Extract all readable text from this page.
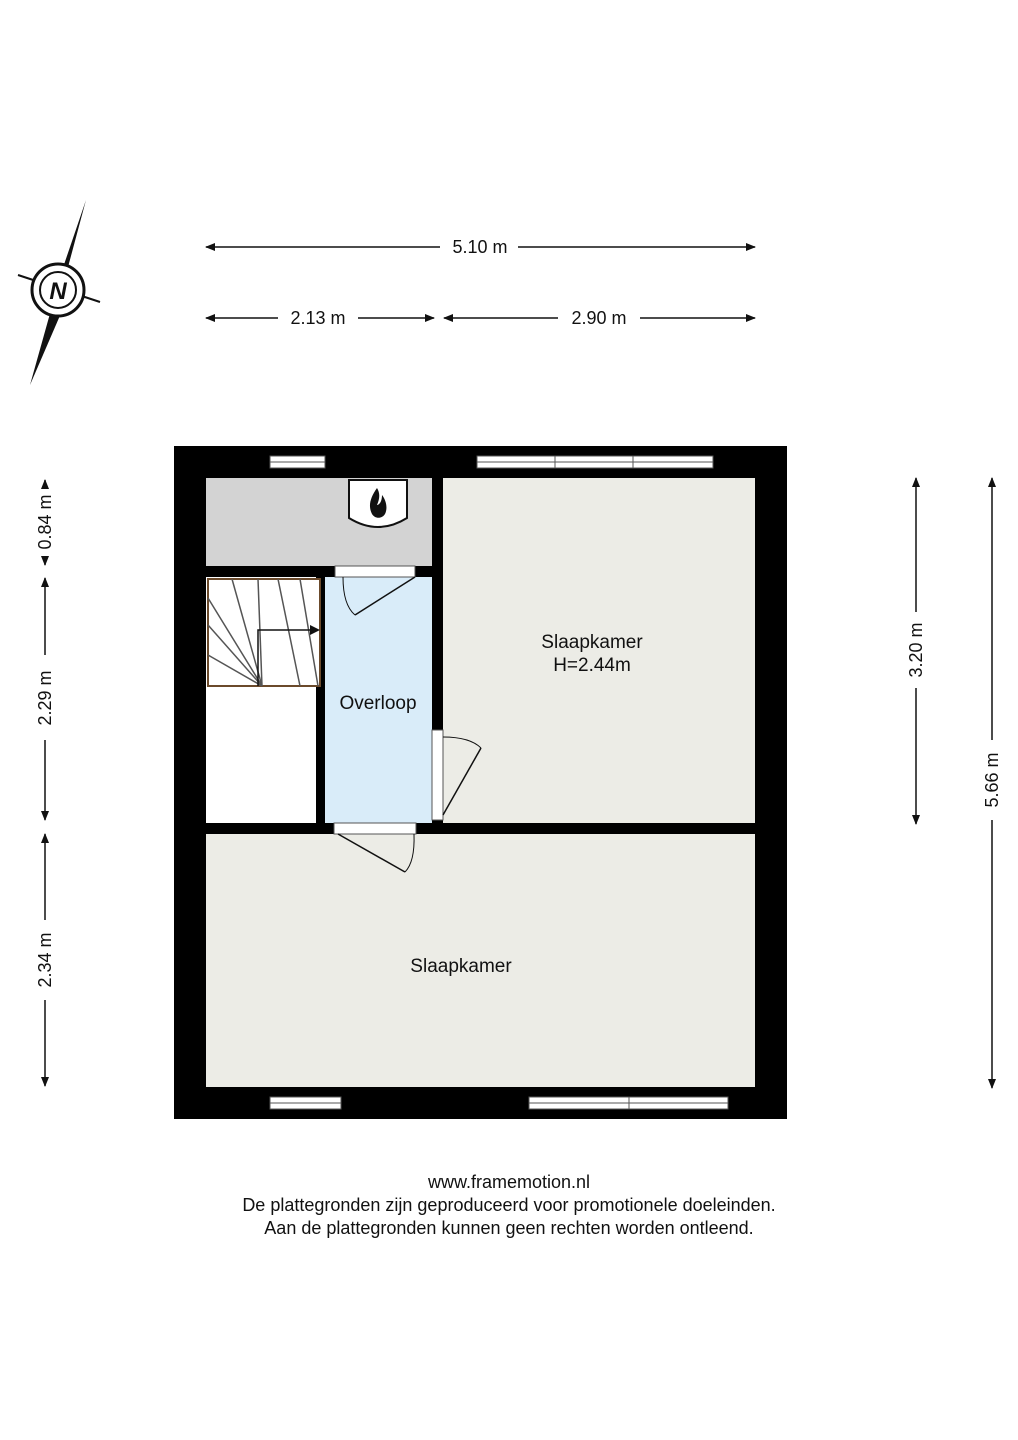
N
5.10 m
2.13 m	2.90 m
0.84 m
2.29 m
2.34 m
3.20 m
5.66 m
Slaapkamer
H=2.44m
Overloop
Slaapkamer
www.framemotion.nl
De plattegronden zijn geproduceerd voor promotionele doeleinden.
Aan de plattegronden kunnen geen rechten worden ontleend.
